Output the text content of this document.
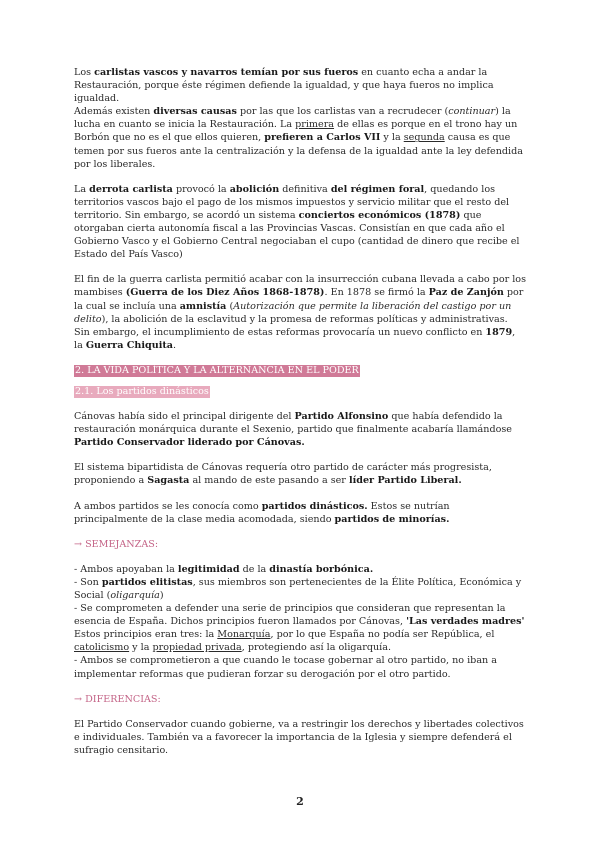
Los carlistas vascos y navarros temían por sus fueros en cuanto echa a andar la Restauración, porque éste régimen defiende la igualdad, y que haya fueros no implica igualdad.

Además existen diversas causas por las que los carlistas van a recrudecer (continuar) la lucha en cuanto se inicia la Restauración. La primera de ellas es porque en el trono hay un Borbón que no es el que ellos quieren, prefieren a Carlos VII y la segunda causa es que temen por sus fueros ante la centralización y la defensa de la igualdad ante la ley defendida por los liberales.

La derrota carlista provocó la abolición definitiva del régimen foral, quedando los territorios vascos bajo el pago de los mismos impuestos y servicio militar que el resto del territorio. Sin embargo, se acordó un sistema conciertos económicos (1878) que otorgaban cierta autonomía fiscal a las Provincias Vascas. Consistían en que cada año el Gobierno Vasco y el Gobierno Central negociaban el cupo (cantidad de dinero que recibe el Estado del País Vasco)

El fin de la guerra carlista permitió acabar con la insurrección cubana llevada a cabo por los mambises (Guerra de los Diez Años 1868-1878). En 1878 se firmó la Paz de Zanjón por la cual se incluía una amnistía (Autorización que permite la liberación del castigo por un delito), la abolición de la esclavitud y la promesa de reformas políticas y administrativas. Sin embargo, el incumplimiento de estas reformas provocaría un nuevo conflicto en 1879, la Guerra Chiquita.

2. LA VIDA POLÍTICA Y LA ALTERNANCIA EN EL PODER

2.1. Los partidos dinásticos

Cánovas había sido el principal dirigente del Partido Alfonsino que había defendido la restauración monárquica durante el Sexenio, partido que finalmente acabaría llamándose Partido Conservador liderado por Cánovas.

El sistema bipartidista de Cánovas requería otro partido de carácter más progresista, proponiendo a Sagasta al mando de este pasando a ser líder Partido Liberal.

A ambos partidos se les conocía como partidos dinásticos. Estos se nutrían principalmente de la clase media acomodada, siendo partidos de minorías.

→ SEMEJANZAS:

- Ambos apoyaban la legitimidad de la dinastía borbónica.

- Son partidos elitistas, sus miembros son pertenecientes de la Élite Política, Económica y Social (oligarquía)

- Se comprometen a defender una serie de principios que consideran que representan la esencia de España. Dichos principios fueron llamados por Cánovas, 'Las verdades madres'

Estos principios eran tres: la Monarquía, por lo que España no podía ser República, el catolicismo y la propiedad privada, protegiendo así la oligarquía.

- Ambos se comprometieron a que cuando le tocase gobernar al otro partido, no iban a implementar reformas que pudieran forzar su derogación por el otro partido.

→ DIFERENCIAS:

El Partido Conservador cuando gobierne, va a restringir los derechos y libertades colectivos e individuales. También va a favorecer la importancia de la Iglesia y siempre defenderá el sufragio censitario.

2
